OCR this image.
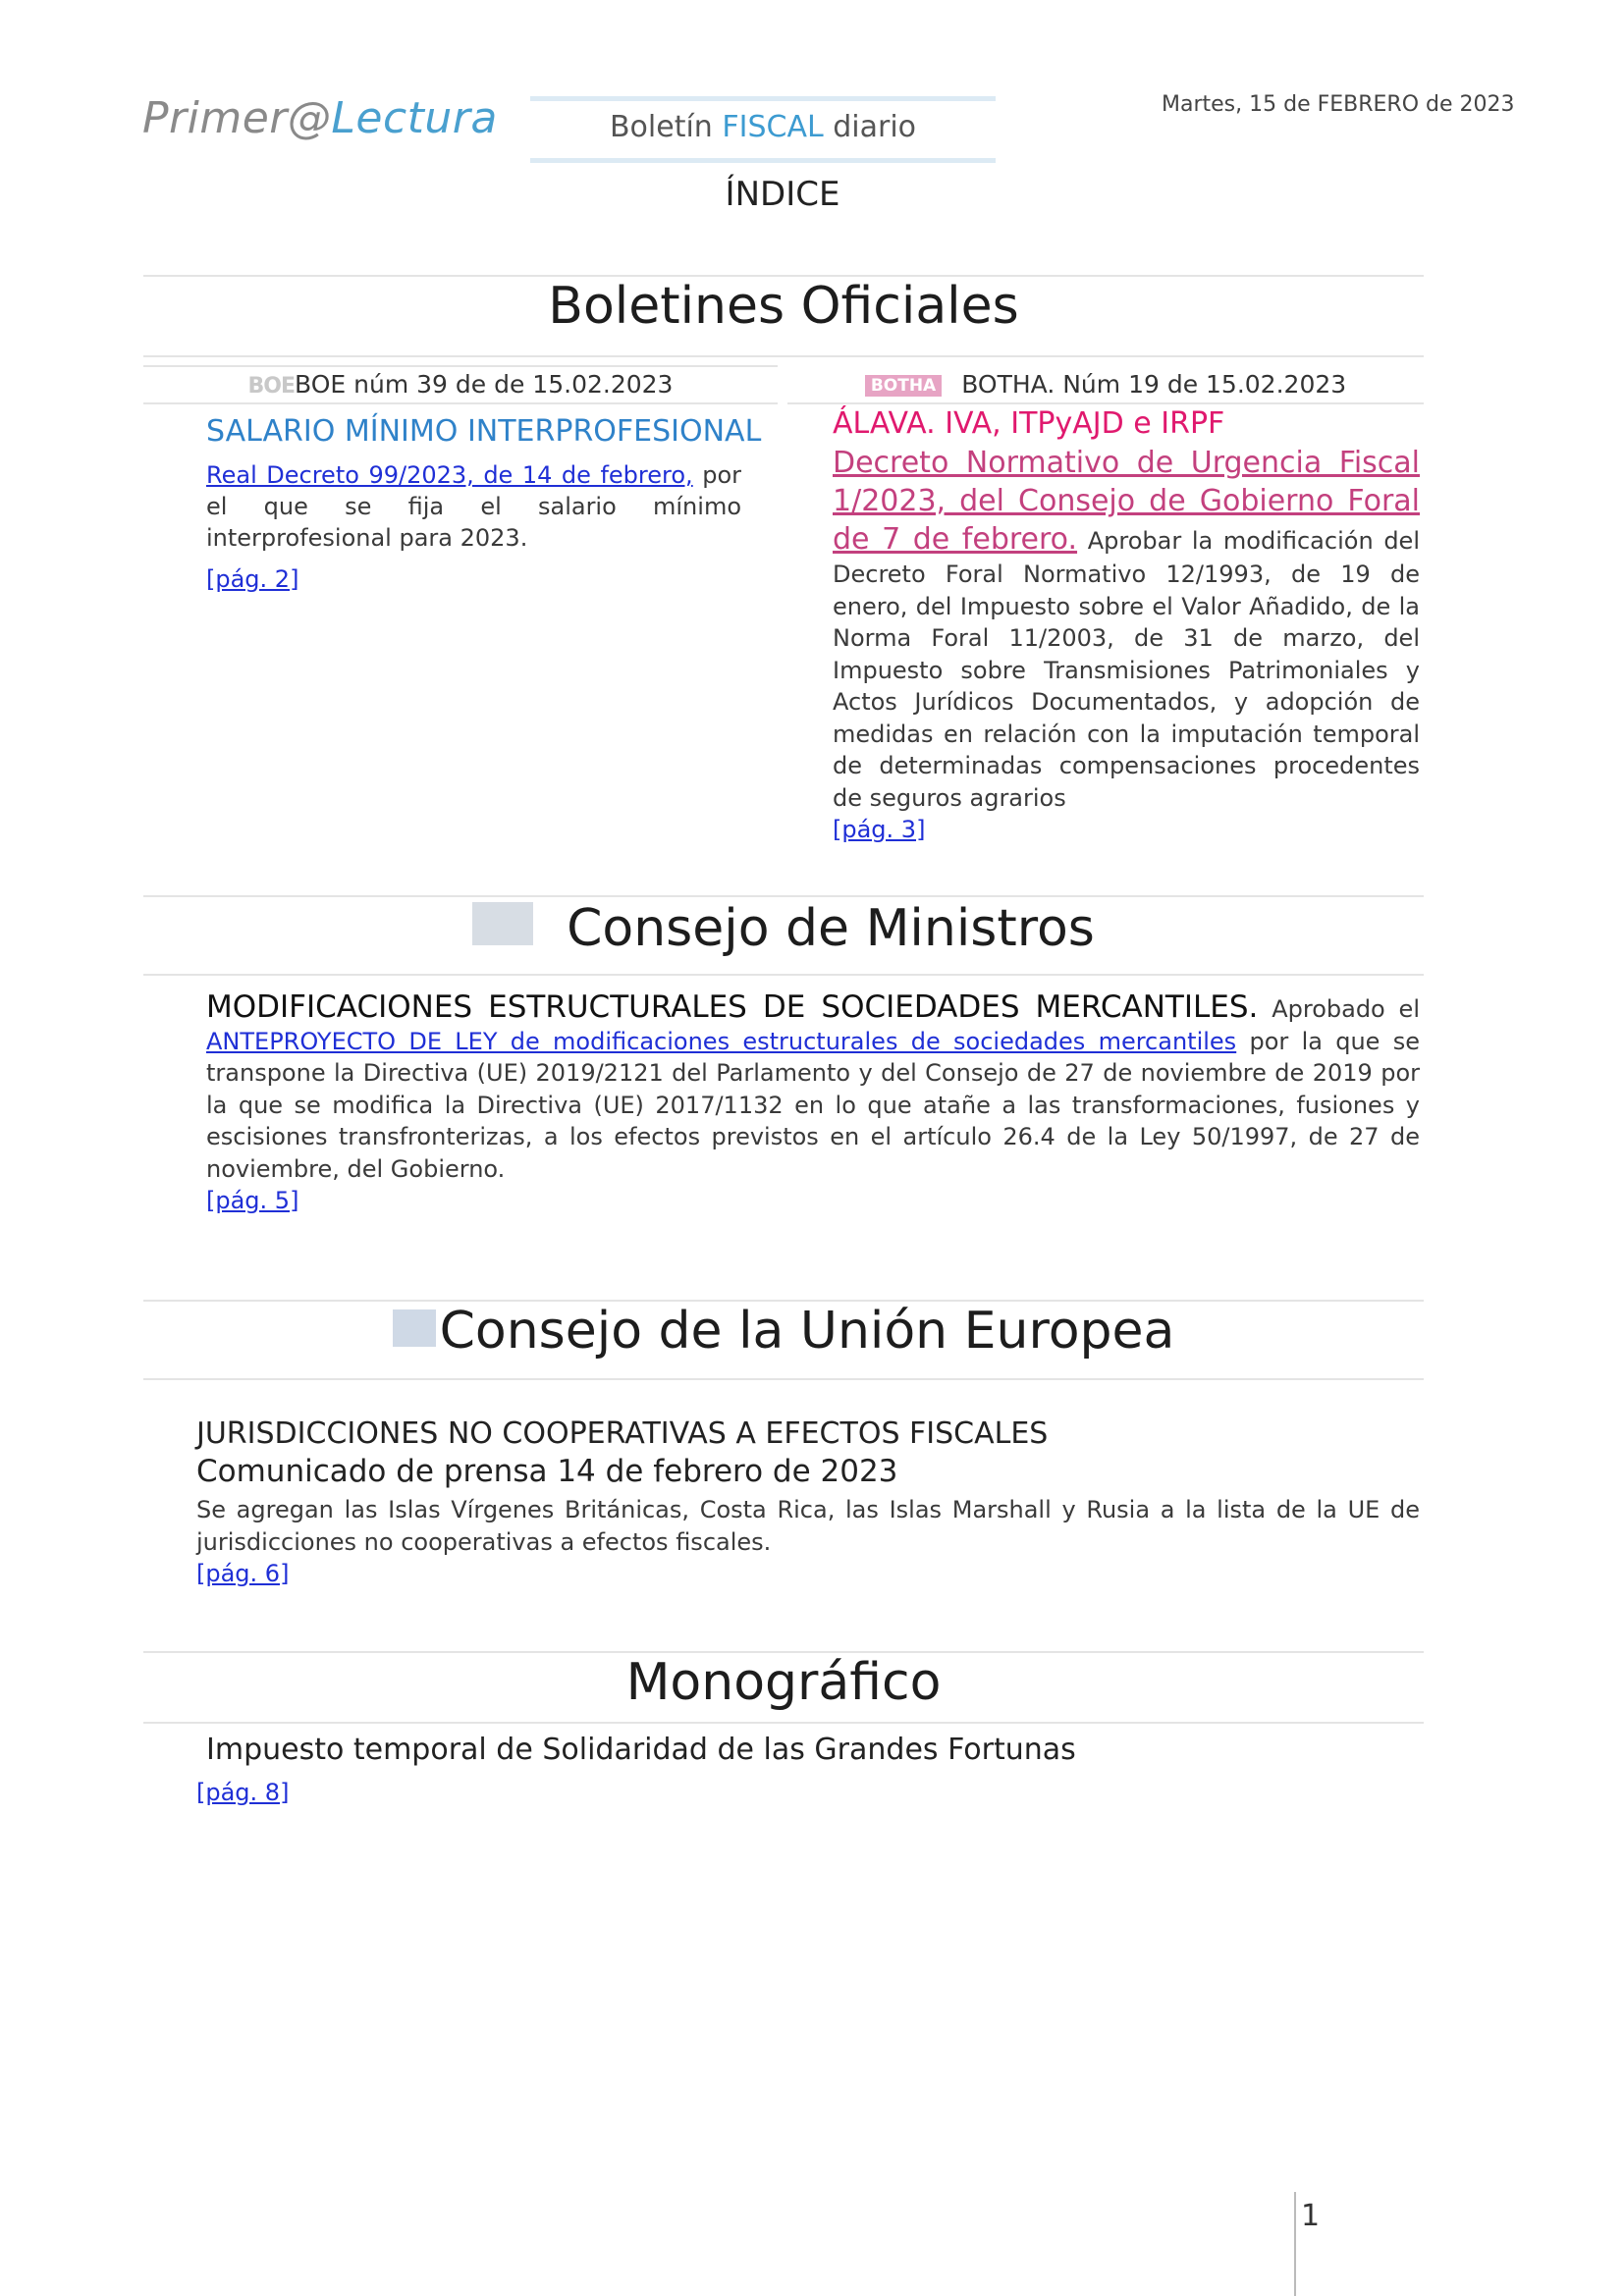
Primer@Lectura	Boletín FISCAL diario
Martes, 15 de FEBRERO de 2023
ÍNDICE
Boletines Oficiales
BOEBOE núm 39 de de 15.02.2023	BOTHA BOTHA. Núm 19 de 15.02.2023
SALARIO MÍNIMO INTERPROFESIONAL
Real Decreto 99/2023, de 14 de febrero, por el que se fija el salario mínimo interprofesional para 2023.
[pág. 2]
ÁLAVA. IVA, ITPyAJD e IRPF
Decreto Normativo de Urgencia Fiscal 1/2023, del Consejo de Gobierno Foral de 7 de febrero. Aprobar la modificación del Decreto Foral Normativo 12/1993, de 19 de enero, del Impuesto sobre el Valor Añadido, de la Norma Foral 11/2003, de 31 de marzo, del Impuesto sobre Transmisiones Patrimoniales y Actos Jurídicos Documentados, y adopción de medidas en relación con la imputación temporal de determinadas compensaciones procedentes de seguros agrarios
[pág. 3]
Consejo de Ministros
MODIFICACIONES ESTRUCTURALES DE SOCIEDADES MERCANTILES. Aprobado el ANTEPROYECTO DE LEY de modificaciones estructurales de sociedades mercantiles por la que se transpone la Directiva (UE) 2019/2121 del Parlamento y del Consejo de 27 de noviembre de 2019 por la que se modifica la Directiva (UE) 2017/1132 en lo que atañe a las transformaciones, fusiones y escisiones transfronterizas, a los efectos previstos en el artículo 26.4 de la Ley 50/1997, de 27 de noviembre, del Gobierno.
[pág. 5]
Consejo de la Unión Europea
JURISDICCIONES NO COOPERATIVAS A EFECTOS FISCALES
Comunicado de prensa 14 de febrero de 2023
Se agregan las Islas Vírgenes Británicas, Costa Rica, las Islas Marshall y Rusia a la lista de la UE de jurisdicciones no cooperativas a efectos fiscales.
[pág. 6]
Monográfico
Impuesto temporal de Solidaridad de las Grandes Fortunas
[pág. 8]
1
